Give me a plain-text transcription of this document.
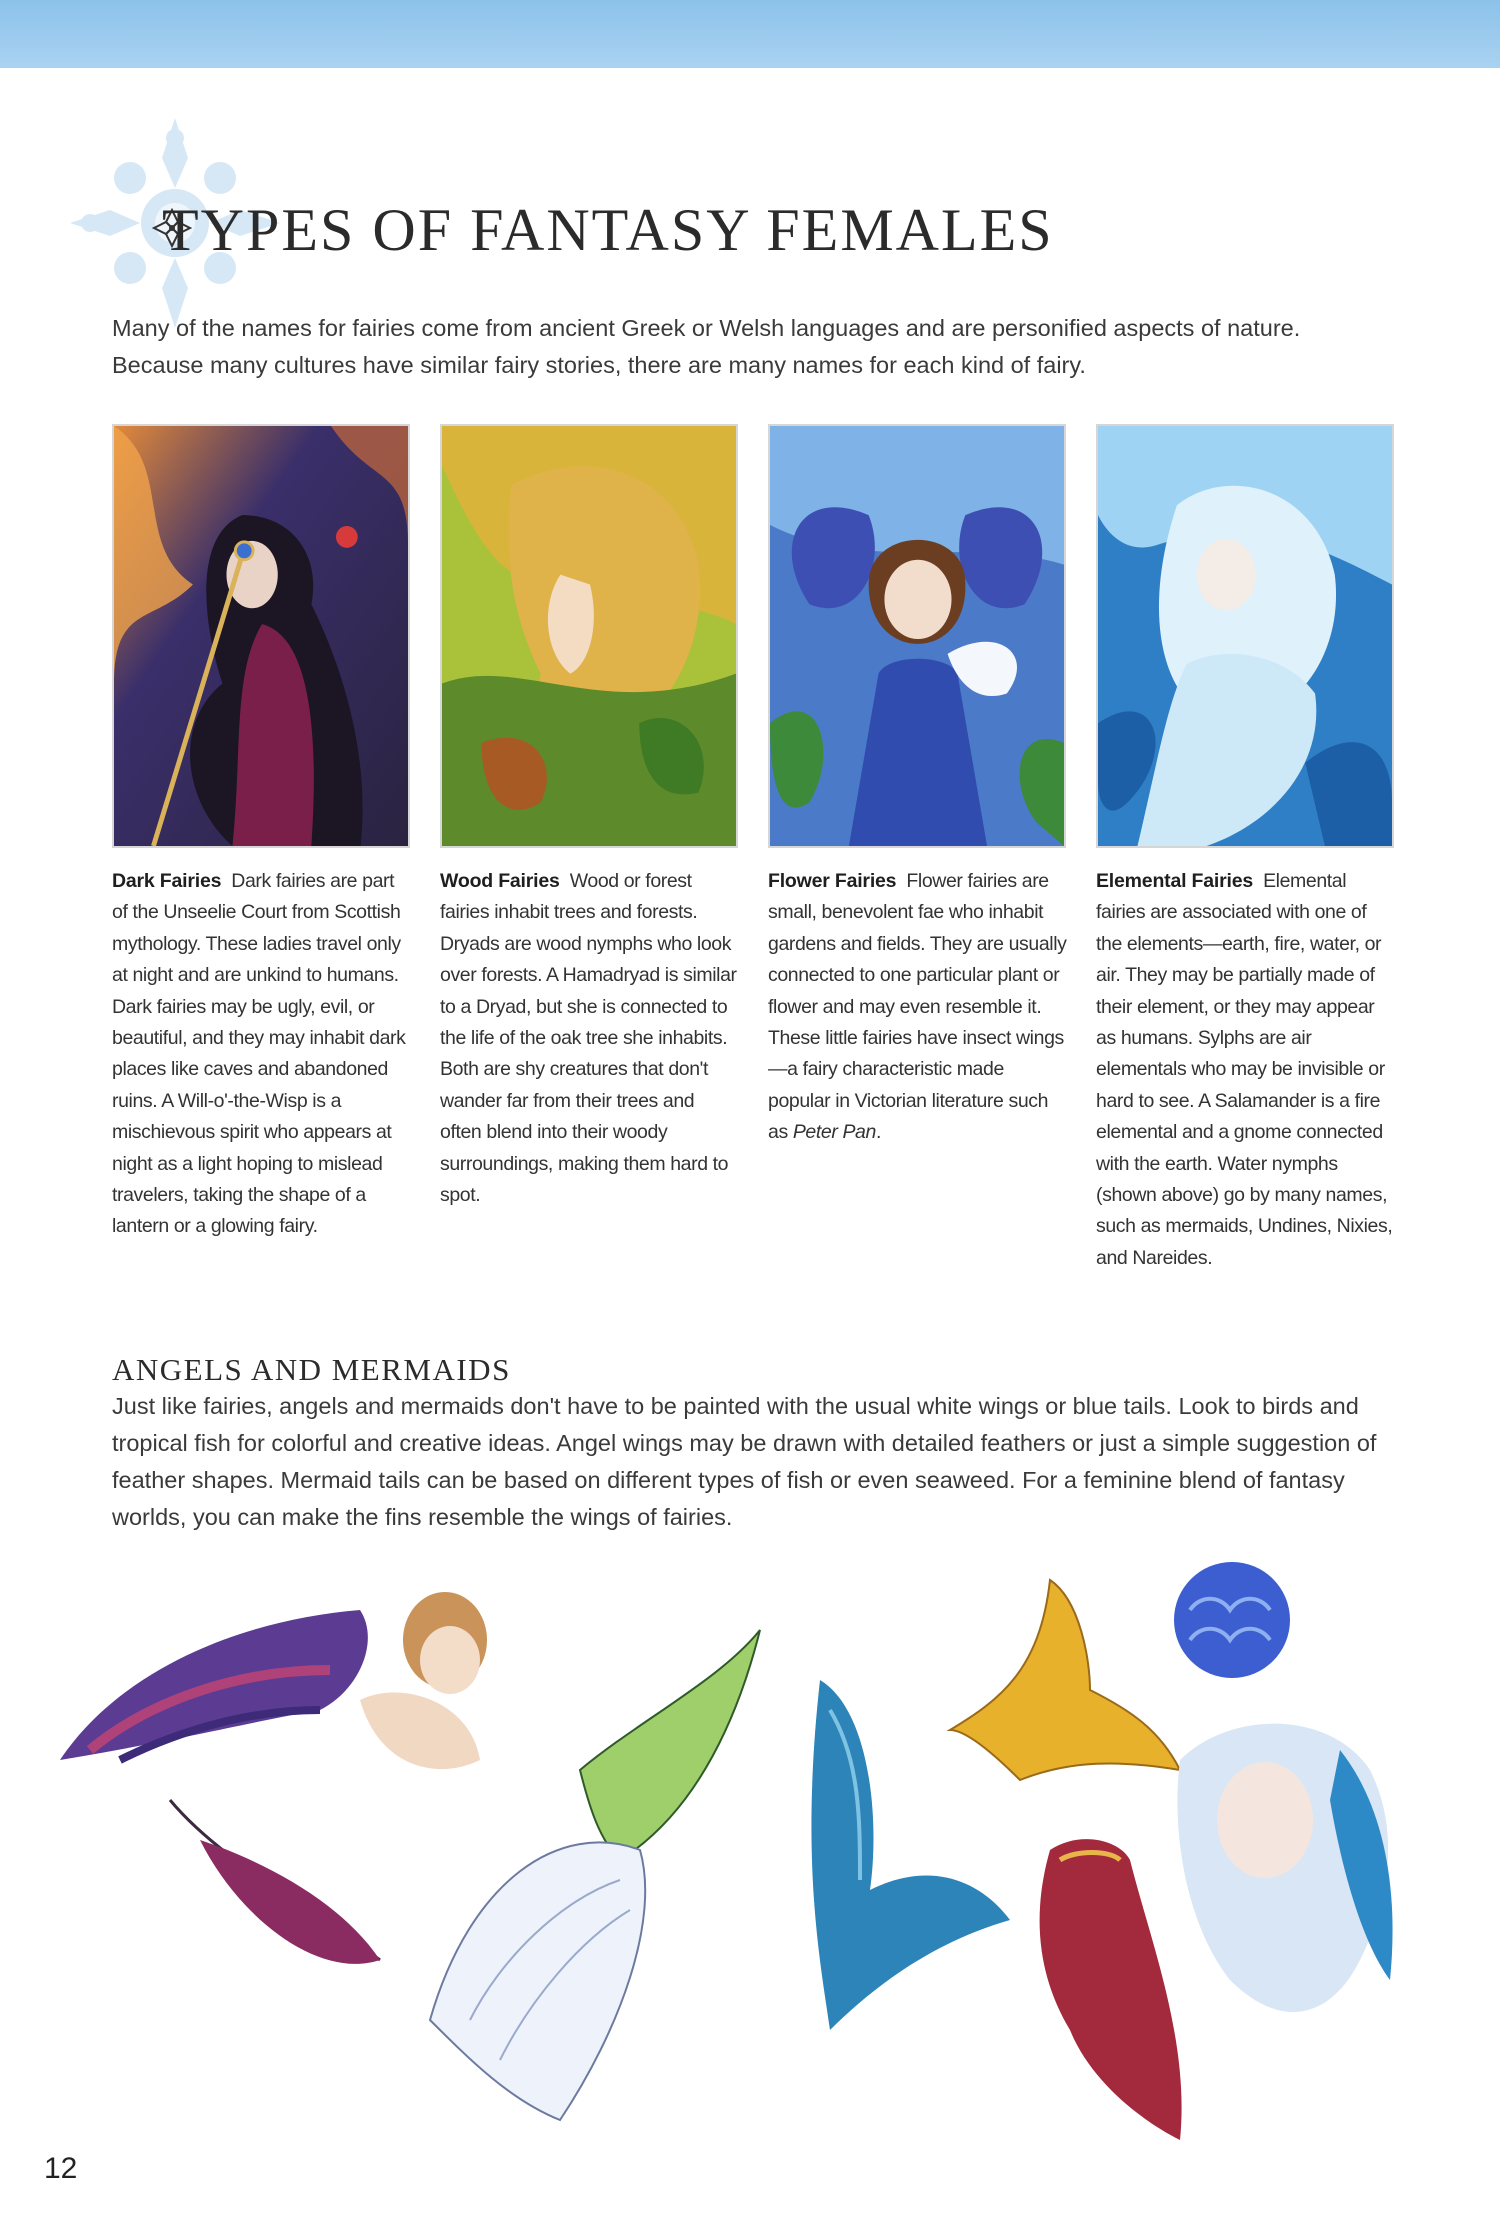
TYPES OF FANTASY FEMALES

Many of the names for fairies come from ancient Greek or Welsh languages and are personified aspects of nature. Because many cultures have similar fairy stories, there are many names for each kind of fairy.

Dark Fairies Dark fairies are part of the Unseelie Court from Scottish mythology. These ladies travel only at night and are unkind to humans. Dark fairies may be ugly, evil, or beautiful, and they may inhabit dark places like caves and abandoned ruins. A Will-o'-the-Wisp is a mischievous spirit who appears at night as a light hoping to mislead travelers, taking the shape of a lantern or a glowing fairy.

Wood Fairies Wood or forest fairies inhabit trees and forests. Dryads are wood nymphs who look over forests. A Hamadryad is similar to a Dryad, but she is connected to the life of the oak tree she inhabits. Both are shy creatures that don't wander far from their trees and often blend into their woody surroundings, making them hard to spot.

Flower Fairies Flower fairies are small, benevolent fae who inhabit gardens and fields. They are usually connected to one particular plant or flower and may even resemble it. These little fairies have insect wings—a fairy characteristic made popular in Victorian literature such as Peter Pan.

Elemental Fairies Elemental fairies are associated with one of the elements—earth, fire, water, or air. They may be partially made of their element, or they may appear as humans. Sylphs are air elementals who may be invisible or hard to see. A Salamander is a fire elemental and a gnome connected with the earth. Water nymphs (shown above) go by many names, such as mermaids, Undines, Nixies, and Nareides.

ANGELS AND MERMAIDS

Just like fairies, angels and mermaids don't have to be painted with the usual white wings or blue tails. Look to birds and tropical fish for colorful and creative ideas. Angel wings may be drawn with detailed feathers or just a simple suggestion of feather shapes. Mermaid tails can be based on different types of fish or even seaweed. For a feminine blend of fantasy worlds, you can make the fins resemble the wings of fairies.

12
